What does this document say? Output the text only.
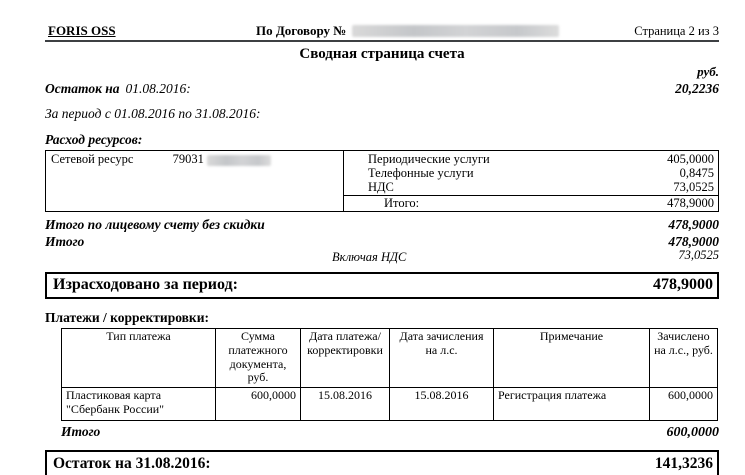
FORIS OSS	По Договору №	Страница 2 из 3
Сводная страница счета
руб.
Остаток на 01.08.2016:	20,2236
За период с 01.08.2016 по 31.08.2016:
Расход ресурсов:
Сетевой ресурс	79031	Периодические услуги	405,0000
Телефонные услуги	0,8475
НДС	73,0525
Итого:	478,9000
Итого по лицевому счету без скидки	478,9000
Итого	478,9000
Включая НДС	73,0525
Израсходовано за период:	478,9000
Платежи / корректировки:
Тип платежа	Сумма платежного документа, руб.	Дата платежа/ корректировки	Дата зачисления на л.с.	Примечание	Зачислено на л.с., руб.
Пластиковая карта "Сбербанк России"	600,0000	15.08.2016	15.08.2016	Регистрация платежа	600,0000
Итого	600,0000
Остаток на 31.08.2016:	141,3236
